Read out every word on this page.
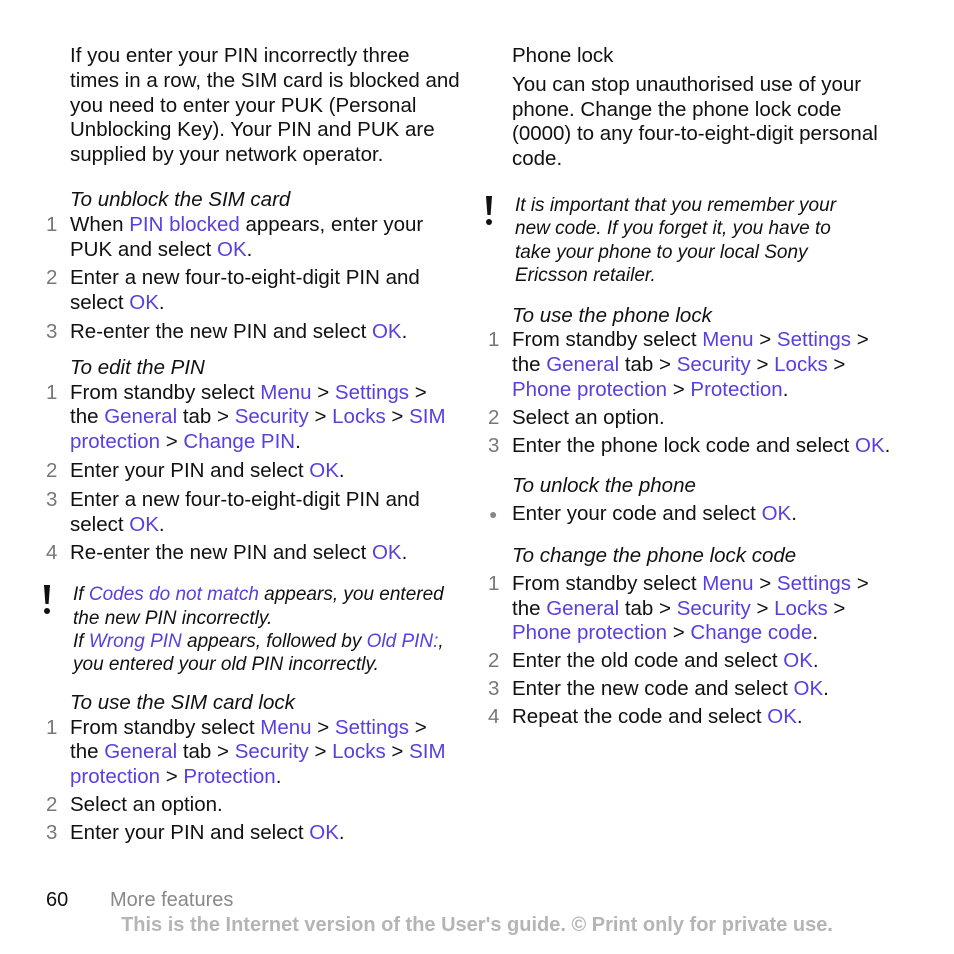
If you enter your PIN incorrectly three times in a row, the SIM card is blocked and you need to enter your PUK (Personal Unblocking Key). Your PIN and PUK are supplied by your network operator.

To unblock the SIM card

1 When PIN blocked appears, enter your PUK and select OK.
2 Enter a new four-to-eight-digit PIN and select OK.
3 Re-enter the new PIN and select OK.

To edit the PIN

1 From standby select Menu > Settings > the General tab > Security > Locks > SIM protection > Change PIN.
2 Enter your PIN and select OK.
3 Enter a new four-to-eight-digit PIN and select OK.
4 Re-enter the new PIN and select OK.
If Codes do not match appears, you entered the new PIN incorrectly.
If Wrong PIN appears, followed by Old PIN:, you entered your old PIN incorrectly.

To use the SIM card lock

1 From standby select Menu > Settings > the General tab > Security > Locks > SIM protection > Protection.
2 Select an option.
3 Enter your PIN and select OK.

Phone lock

You can stop unauthorised use of your phone. Change the phone lock code (0000) to any four-to-eight-digit personal code.

It is important that you remember your new code. If you forget it, you have to take your phone to your local Sony Ericsson retailer.

To use the phone lock

1 From standby select Menu > Settings > the General tab > Security > Locks > Phone protection > Protection.
2 Select an option.
3 Enter the phone lock code and select OK.

To unlock the phone

● Enter your code and select OK.

To change the phone lock code

1 From standby select Menu > Settings > the General tab > Security > Locks > Phone protection > Change code.
2 Enter the old code and select OK.
3 Enter the new code and select OK.
4 Repeat the code and select OK.
60 More features
This is the Internet version of the User's guide. © Print only for private use.
